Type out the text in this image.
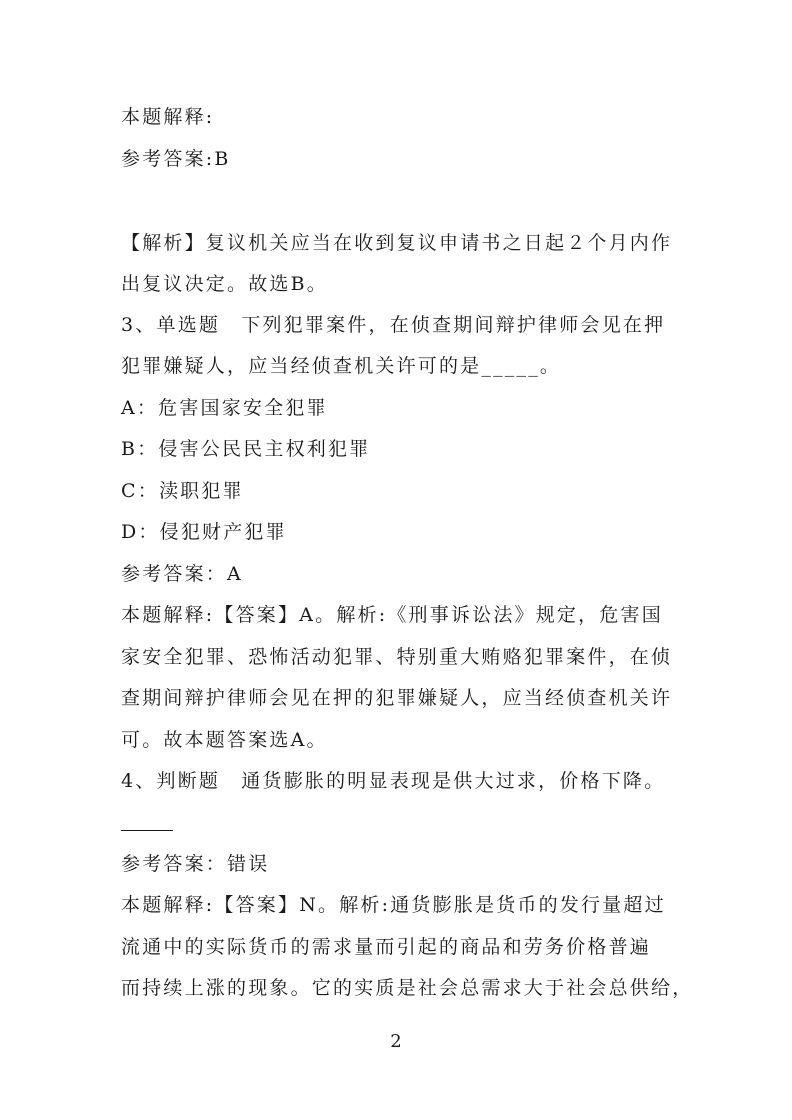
本题解释:
参考答案:B
【解析】复议机关应当在收到复议申请书之日起２个月内作
出复议决定。故选B。
3、单选题　下列犯罪案件，在侦查期间辩护律师会见在押
犯罪嫌疑人，应当经侦查机关许可的是_____。
A：危害国家安全犯罪
B：侵害公民民主权利犯罪
C：渎职犯罪
D：侵犯财产犯罪
参考答案：A
本题解释:【答案】A。解析:《刑事诉讼法》规定，危害国
家安全犯罪、恐怖活动犯罪、特别重大贿赂犯罪案件，在侦
查期间辩护律师会见在押的犯罪嫌疑人，应当经侦查机关许
可。故本题答案选A。
4、判断题　通货膨胀的明显表现是供大过求，价格下降。
参考答案：错误
本题解释:【答案】N。解析:通货膨胀是货币的发行量超过
流通中的实际货币的需求量而引起的商品和劳务价格普遍
而持续上涨的现象。它的实质是社会总需求大于社会总供给，
2
